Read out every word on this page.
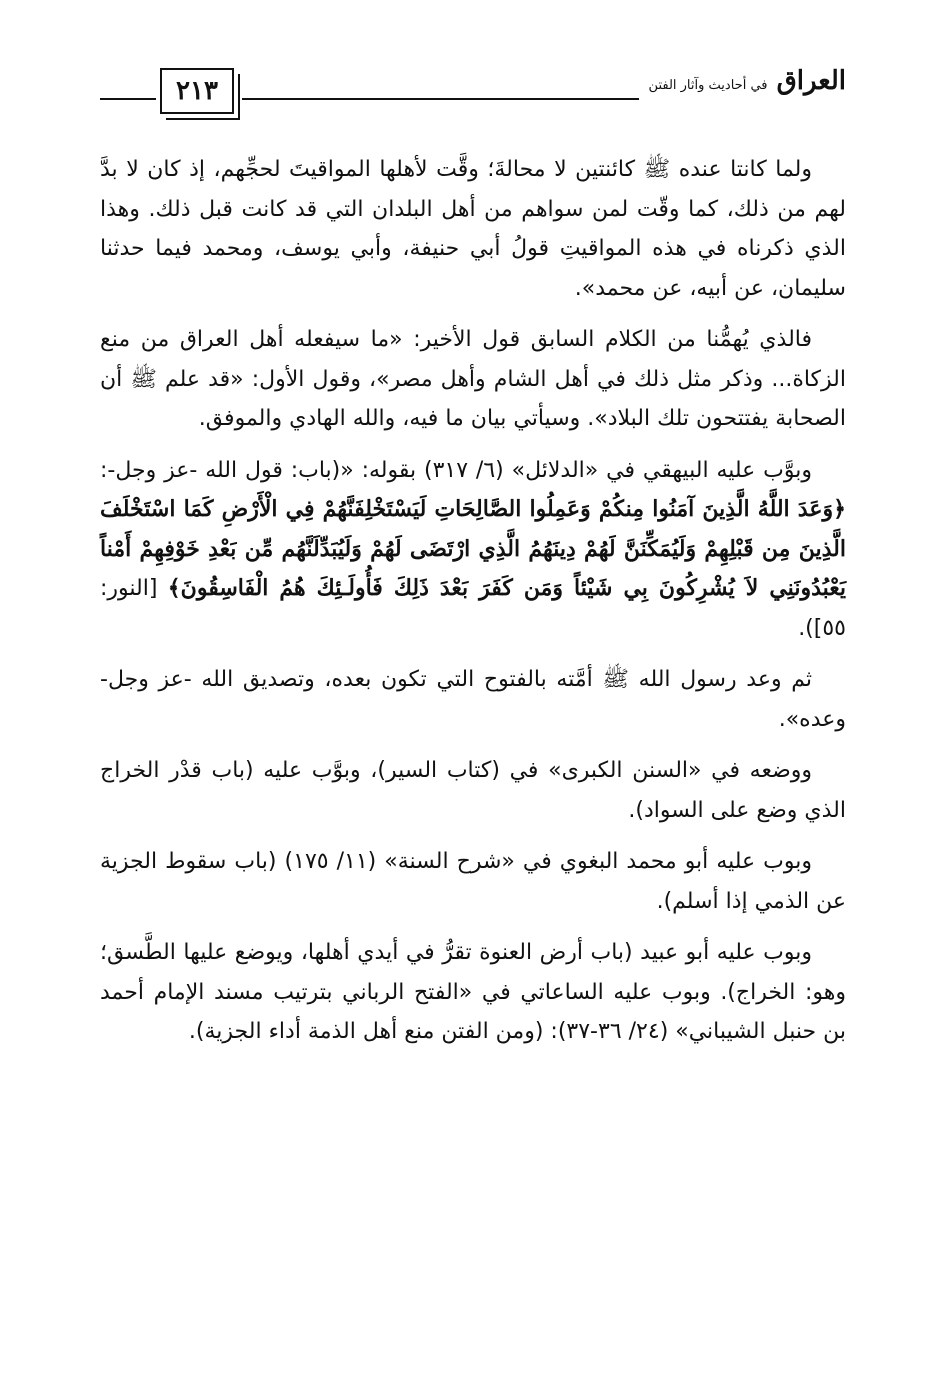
٢١٣	العراق في أحاديث وآثار الفتن

ولما كانتا عنده ﷺ كائنتين لا محالةَ؛ وقَّت لأهلها المواقيتَ لحجِّهم، إذ كان لا بدَّ لهم من ذلك، كما وقّت لمن سواهم من أهل البلدان التي قد كانت قبل ذلك. وهذا الذي ذكرناه في هذه المواقيتِ قولُ أبي حنيفة، وأبي يوسف، ومحمد فيما حدثنا سليمان، عن أبيه، عن محمد».

فالذي يُهمُّنا من الكلام السابق قول الأخير: «ما سيفعله أهل العراق من منع الزكاة... وذكر مثل ذلك في أهل الشام وأهل مصر»، وقول الأول: «قد علم ﷺ أن الصحابة يفتتحون تلك البلاد». وسيأتي بيان ما فيه، والله الهادي والموفق.

وبوَّب عليه البيهقي في «الدلائل» (٦/ ٣١٧) بقوله: «(باب: قول الله -عز وجل-: ﴿وَعَدَ اللَّهُ الَّذِينَ آمَنُوا مِنكُمْ وَعَمِلُوا الصَّالِحَاتِ لَيَسْتَخْلِفَنَّهُمْ فِي الْأَرْضِ كَمَا اسْتَخْلَفَ الَّذِينَ مِن قَبْلِهِمْ وَلَيُمَكِّنَنَّ لَهُمْ دِينَهُمُ الَّذِي ارْتَضَى لَهُمْ وَلَيُبَدِّلَنَّهُم مِّن بَعْدِ خَوْفِهِمْ أَمْناً يَعْبُدُونَنِي لاَ يُشْرِكُونَ بِي شَيْئاً وَمَن كَفَرَ بَعْدَ ذَلِكَ فَأُولَـئِكَ هُمُ الْفَاسِقُونَ﴾ [النور: ٥٥]).

ثم وعد رسول الله ﷺ أمَّته بالفتوح التي تكون بعده، وتصديق الله -عز وجل- وعده».

ووضعه في «السنن الكبرى» في (كتاب السير)، وبوَّب عليه (باب قدْر الخراج الذي وضع على السواد).

وبوب عليه أبو محمد البغوي في «شرح السنة» (١١/ ١٧٥) (باب سقوط الجزية عن الذمي إذا أسلم).

وبوب عليه أبو عبيد (باب أرض العنوة تقرُّ في أيدي أهلها، ويوضع عليها الطَّسق؛ وهو: الخراج). وبوب عليه الساعاتي في «الفتح الرباني بترتيب مسند الإمام أحمد بن حنبل الشيباني» (٢٤/ ٣٦-٣٧): (ومن الفتن منع أهل الذمة أداء الجزية).
